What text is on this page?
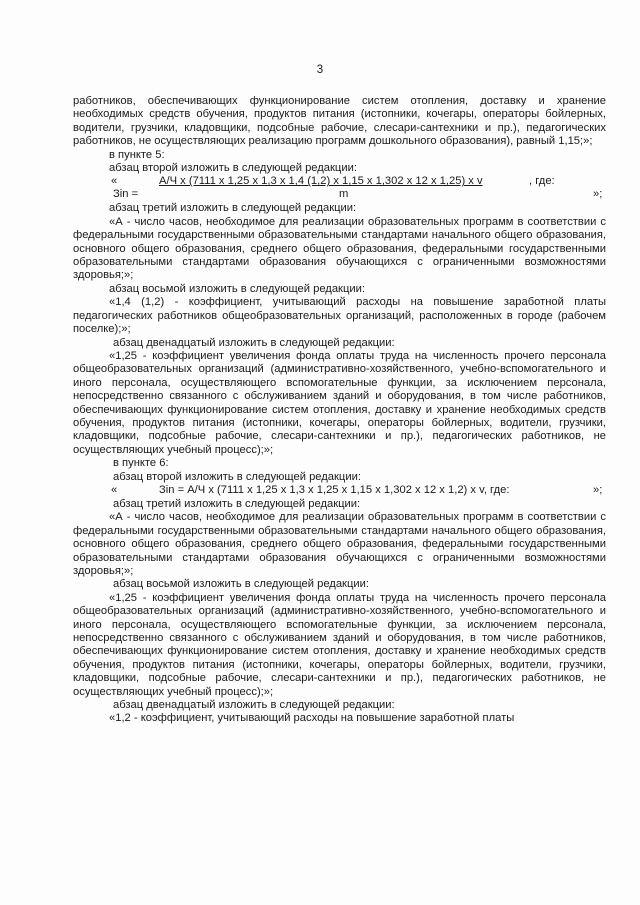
3

работников, обеспечивающих функционирование систем отопления, доставку и хранение необходимых средств обучения, продуктов питания (истопники, кочегары, операторы бойлерных, водители, грузчики, кладовщики, подсобные рабочие, слесари-сантехники и пр.), педагогических работников, не осуществляющих реализацию программ дошкольного образования), равный 1,15;»;

в пункте 5:

абзац второй изложить в следующей редакции:

«	А/Ч х (7111 х 1,25 х 1,3 х 1,4 (1,2) х 1,15 х 1,302 х 12 х 1,25) х v	, где:
Зin =	m	»;

абзац третий изложить в следующей редакции:

«А - число часов, необходимое для реализации образовательных программ в соответствии с федеральными государственными образовательными стандартами начального общего образования, основного общего образования, среднего общего образования, федеральными государственными образовательными стандартами образования обучающихся с ограниченными возможностями здоровья;»;

абзац восьмой изложить в следующей редакции:

«1,4 (1,2) - коэффициент, учитывающий расходы на повышение заработной платы педагогических работников общеобразовательных организаций, расположенных в городе (рабочем поселке);»;

абзац двенадцатый изложить в следующей редакции:

«1,25 - коэффициент увеличения фонда оплаты труда на численность прочего персонала общеобразовательных организаций (административно-хозяйственного, учебно-вспомогательного и иного персонала, осуществляющего вспомогательные функции, за исключением персонала, непосредственно связанного с обслуживанием зданий и оборудования, в том числе работников, обеспечивающих функционирование систем отопления, доставку и хранение необходимых средств обучения, продуктов питания (истопники, кочегары, операторы бойлерных, водители, грузчики, кладовщики, подсобные рабочие, слесари-сантехники и пр.), педагогических работников, не осуществляющих учебный процесс);»;

в пункте 6:

абзац второй изложить в следующей редакции:

«	Зin = А/Ч х (7111 х 1,25 х 1,3 х 1,25 х 1,15 х 1,302 х 12 х 1,2) х v, где:	»;

абзац третий изложить в следующей редакции:

«А - число часов, необходимое для реализации образовательных программ в соответствии с федеральными государственными образовательными стандартами начального общего образования, основного общего образования, среднего общего образования, федеральными государственными образовательными стандартами образования обучающихся с ограниченными возможностями здоровья;»;

абзац восьмой изложить в следующей редакции:

«1,25 - коэффициент увеличения фонда оплаты труда на численность прочего персонала общеобразовательных организаций (административно-хозяйственного, учебно-вспомогательного и иного персонала, осуществляющего вспомогательные функции, за исключением персонала, непосредственно связанного с обслуживанием зданий и оборудования, в том числе работников, обеспечивающих функционирование систем отопления, доставку и хранение необходимых средств обучения, продуктов питания (истопники, кочегары, операторы бойлерных, водители, грузчики, кладовщики, подсобные рабочие, слесари-сантехники и пр.), педагогических работников, не осуществляющих учебный процесс);»;

абзац двенадцатый изложить в следующей редакции:

«1,2 - коэффициент, учитывающий расходы на повышение заработной платы
